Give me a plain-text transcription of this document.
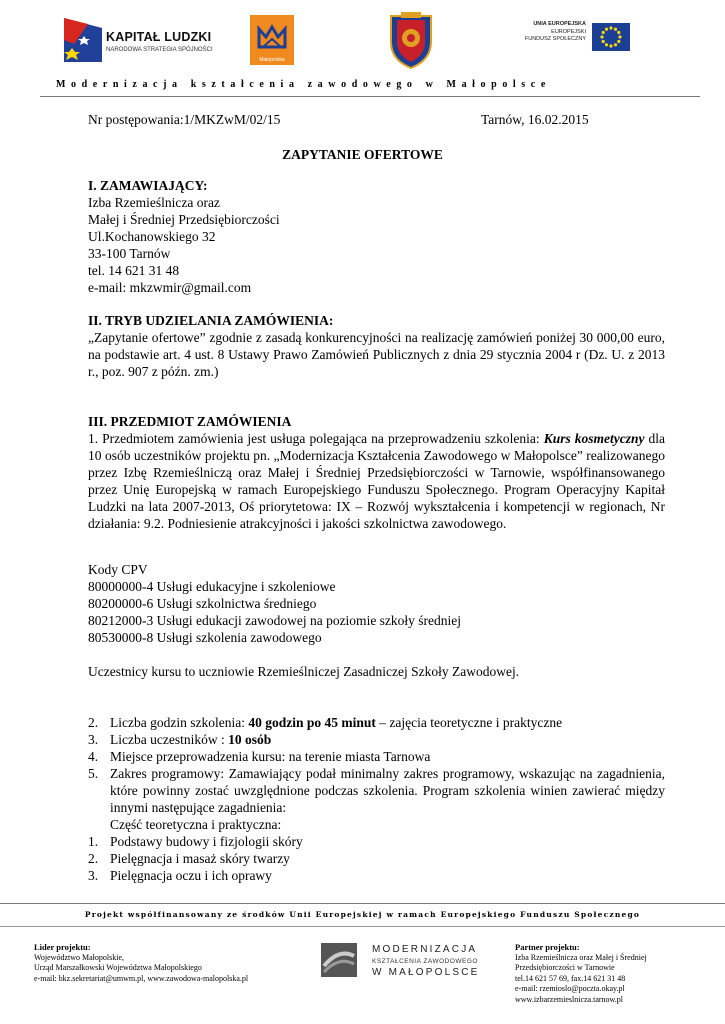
KAPITAŁ LUDZKI
NARODOWA STRATEGIA SPÓJNOŚCI
Małopolska
UNIA EUROPEJSKA
EUROPEJSKI
FUNDUSZ SPOŁECZNY
Modernizacja kształcenia zawodowego w Małopolsce
Nr postępowania:1/MKZwM/02/15	Tarnów, 16.02.2015
ZAPYTANIE OFERTOWE
I. ZAMAWIAJĄCY:
Izba Rzemieślnicza oraz
Małej i Średniej Przedsiębiorczości
Ul.Kochanowskiego 32
33-100 Tarnów
tel. 14 621 31 48
e-mail: mkzwmir@gmail.com
II. TRYB UDZIELANIA ZAMÓWIENIA:
„Zapytanie ofertowe” zgodnie z zasadą konkurencyjności na realizację zamówień poniżej 30 000,00 euro, na podstawie art. 4 ust. 8 Ustawy Prawo Zamówień Publicznych z dnia 29 stycznia 2004 r (Dz. U. z 2013 r., poz. 907 z późn. zm.)
III. PRZEDMIOT ZAMÓWIENIA
1. Przedmiotem zamówienia jest usługa polegająca na przeprowadzeniu szkolenia: Kurs kosmetyczny dla 10 osób uczestników projektu pn. „Modernizacja Kształcenia Zawodowego w Małopolsce” realizowanego przez Izbę Rzemieślniczą oraz Małej i Średniej Przedsiębiorczości w Tarnowie, współfinansowanego przez Unię Europejską w ramach Europejskiego Funduszu Społecznego. Program Operacyjny Kapitał Ludzki na lata 2007-2013, Oś priorytetowa: IX – Rozwój wykształcenia i kompetencji w regionach, Nr działania: 9.2. Podniesienie atrakcyjności i jakości szkolnictwa zawodowego.
Kody CPV
80000000-4 Usługi edukacyjne i szkoleniowe
80200000-6 Usługi szkolnictwa średniego
80212000-3 Usługi edukacji zawodowej na poziomie szkoły średniej
80530000-8 Usługi szkolenia zawodowego
Uczestnicy kursu to uczniowie Rzemieślniczej Zasadniczej Szkoły Zawodowej.
2. Liczba godzin szkolenia: 40 godzin po 45 minut – zajęcia teoretyczne i praktyczne
3. Liczba uczestników : 10 osób
4. Miejsce przeprowadzenia kursu: na terenie miasta Tarnowa
5. Zakres programowy: Zamawiający podał minimalny zakres programowy, wskazując na zagadnienia, które powinny zostać uwzględnione podczas szkolenia. Program szkolenia winien zawierać między innymi następujące zagadnienia:
Część teoretyczna i praktyczna:
1. Podstawy budowy i fizjologii skóry
2. Pielęgnacja i masaż skóry twarzy
3. Pielęgnacja oczu i ich oprawy
Projekt współfinansowany ze środków Unii Europejskiej w ramach Europejskiego Funduszu Społecznego
Lider projektu:
Województwo Małopolskie,
Urząd Marszałkowski Województwa Małopolskiego
e-mail: bkz.sekretariat@umwm.pl, www.zawodowa-malopolska.pl
MODERNIZACJA
KSZTAŁCENIA ZAWODOWEGO
W MAŁOPOLSCE
Partner projektu:
Izba Rzemieślnicza oraz Małej i Średniej
Przedsiębiorczości w Tarnowie
tel.14 621 57 69, fax.14 621 31 48
e-mail: rzemioslo@poczta.okay.pl
www.izbarzemieslnicza.tarnow.pl
